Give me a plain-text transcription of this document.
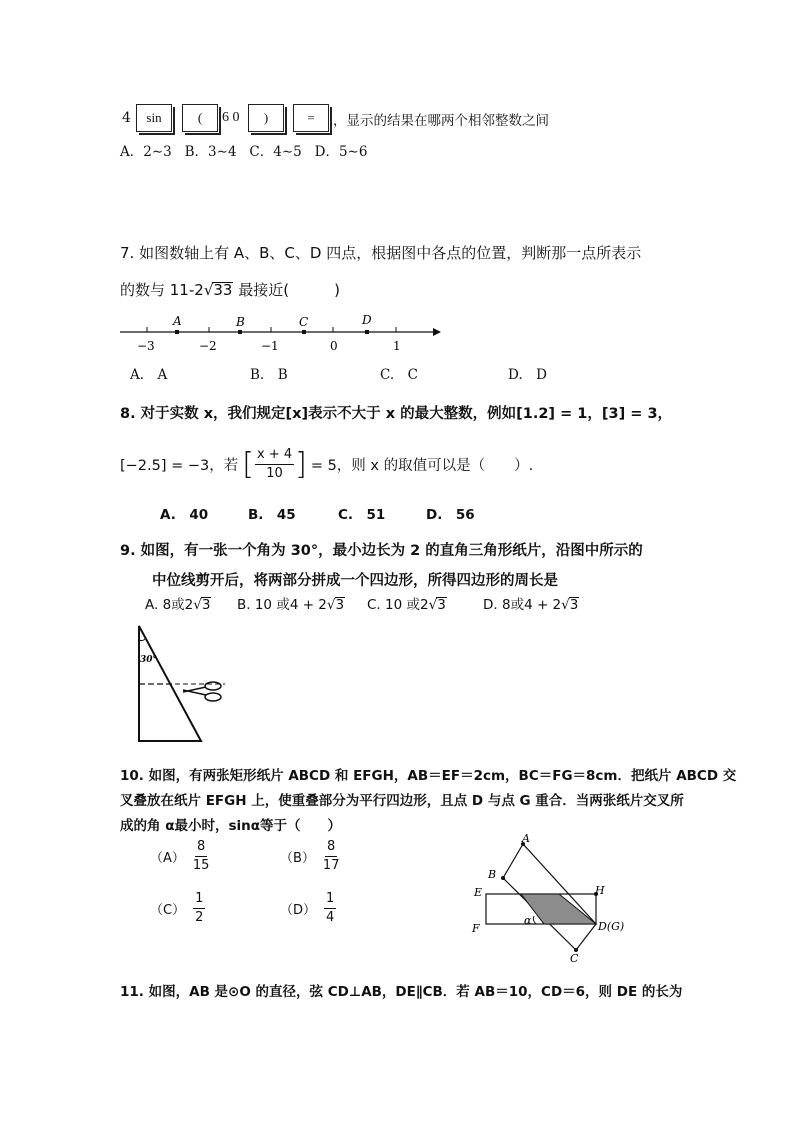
4 sin	( 6 0 )	= ，显示的结果在哪两个相邻整数之间
A．2∼3 B．3∼4 C．4∼5 D．5∼6
7. 如图数轴上有 A、B、C、D 四点，根据图中各点的位置，判断那一点所表示
的数与 11-2√33 最接近(　　　)
−3	−2	−1	0	1
A	B	C	D
A.　A	B.　B	C.　C	D.　D
8. 对于实数 x，我们规定[x]表示不大于 x 的最大整数，例如[1.2] = 1，[3] = 3，
[−2.5] = −3，若 [ $\frac{x + 4}{10}$ ] = 5，则 x 的取值可以是（　　）.
A.　40	B.　45	C.　51	D.　56
9. 如图，有一张一个角为 30°，最小边长为 2 的直角三角形纸片，沿图中所示的
中位线剪开后，将两部分拼成一个四边形，所得四边形的周长是
A. 8或2√3 B. 10 或4 + 2√3 C. 10 或2√3	D. 8或4 + 2√3
30°
10. 如图，有两张矩形纸片 ABCD 和 EFGH，AB＝EF＝2cm，BC＝FG＝8cm．把纸片 ABCD 交
叉叠放在纸片 EFGH 上，使重叠部分为平行四边形，且点 D 与点 G 重合．当两张纸片交叉所
成的角 α最小时，sinα等于（　　）
$(A) \frac{8}{15}$	$(B) \frac{8}{17}$
$(C) \frac{1}{2}$	$(D) \frac{1}{4}$
A
B
C
E
F
H
D(G)
α
11. 如图，AB 是⊙O 的直径，弦 CD⊥AB，DE∥CB．若 AB＝10，CD＝6，则 DE 的长为
